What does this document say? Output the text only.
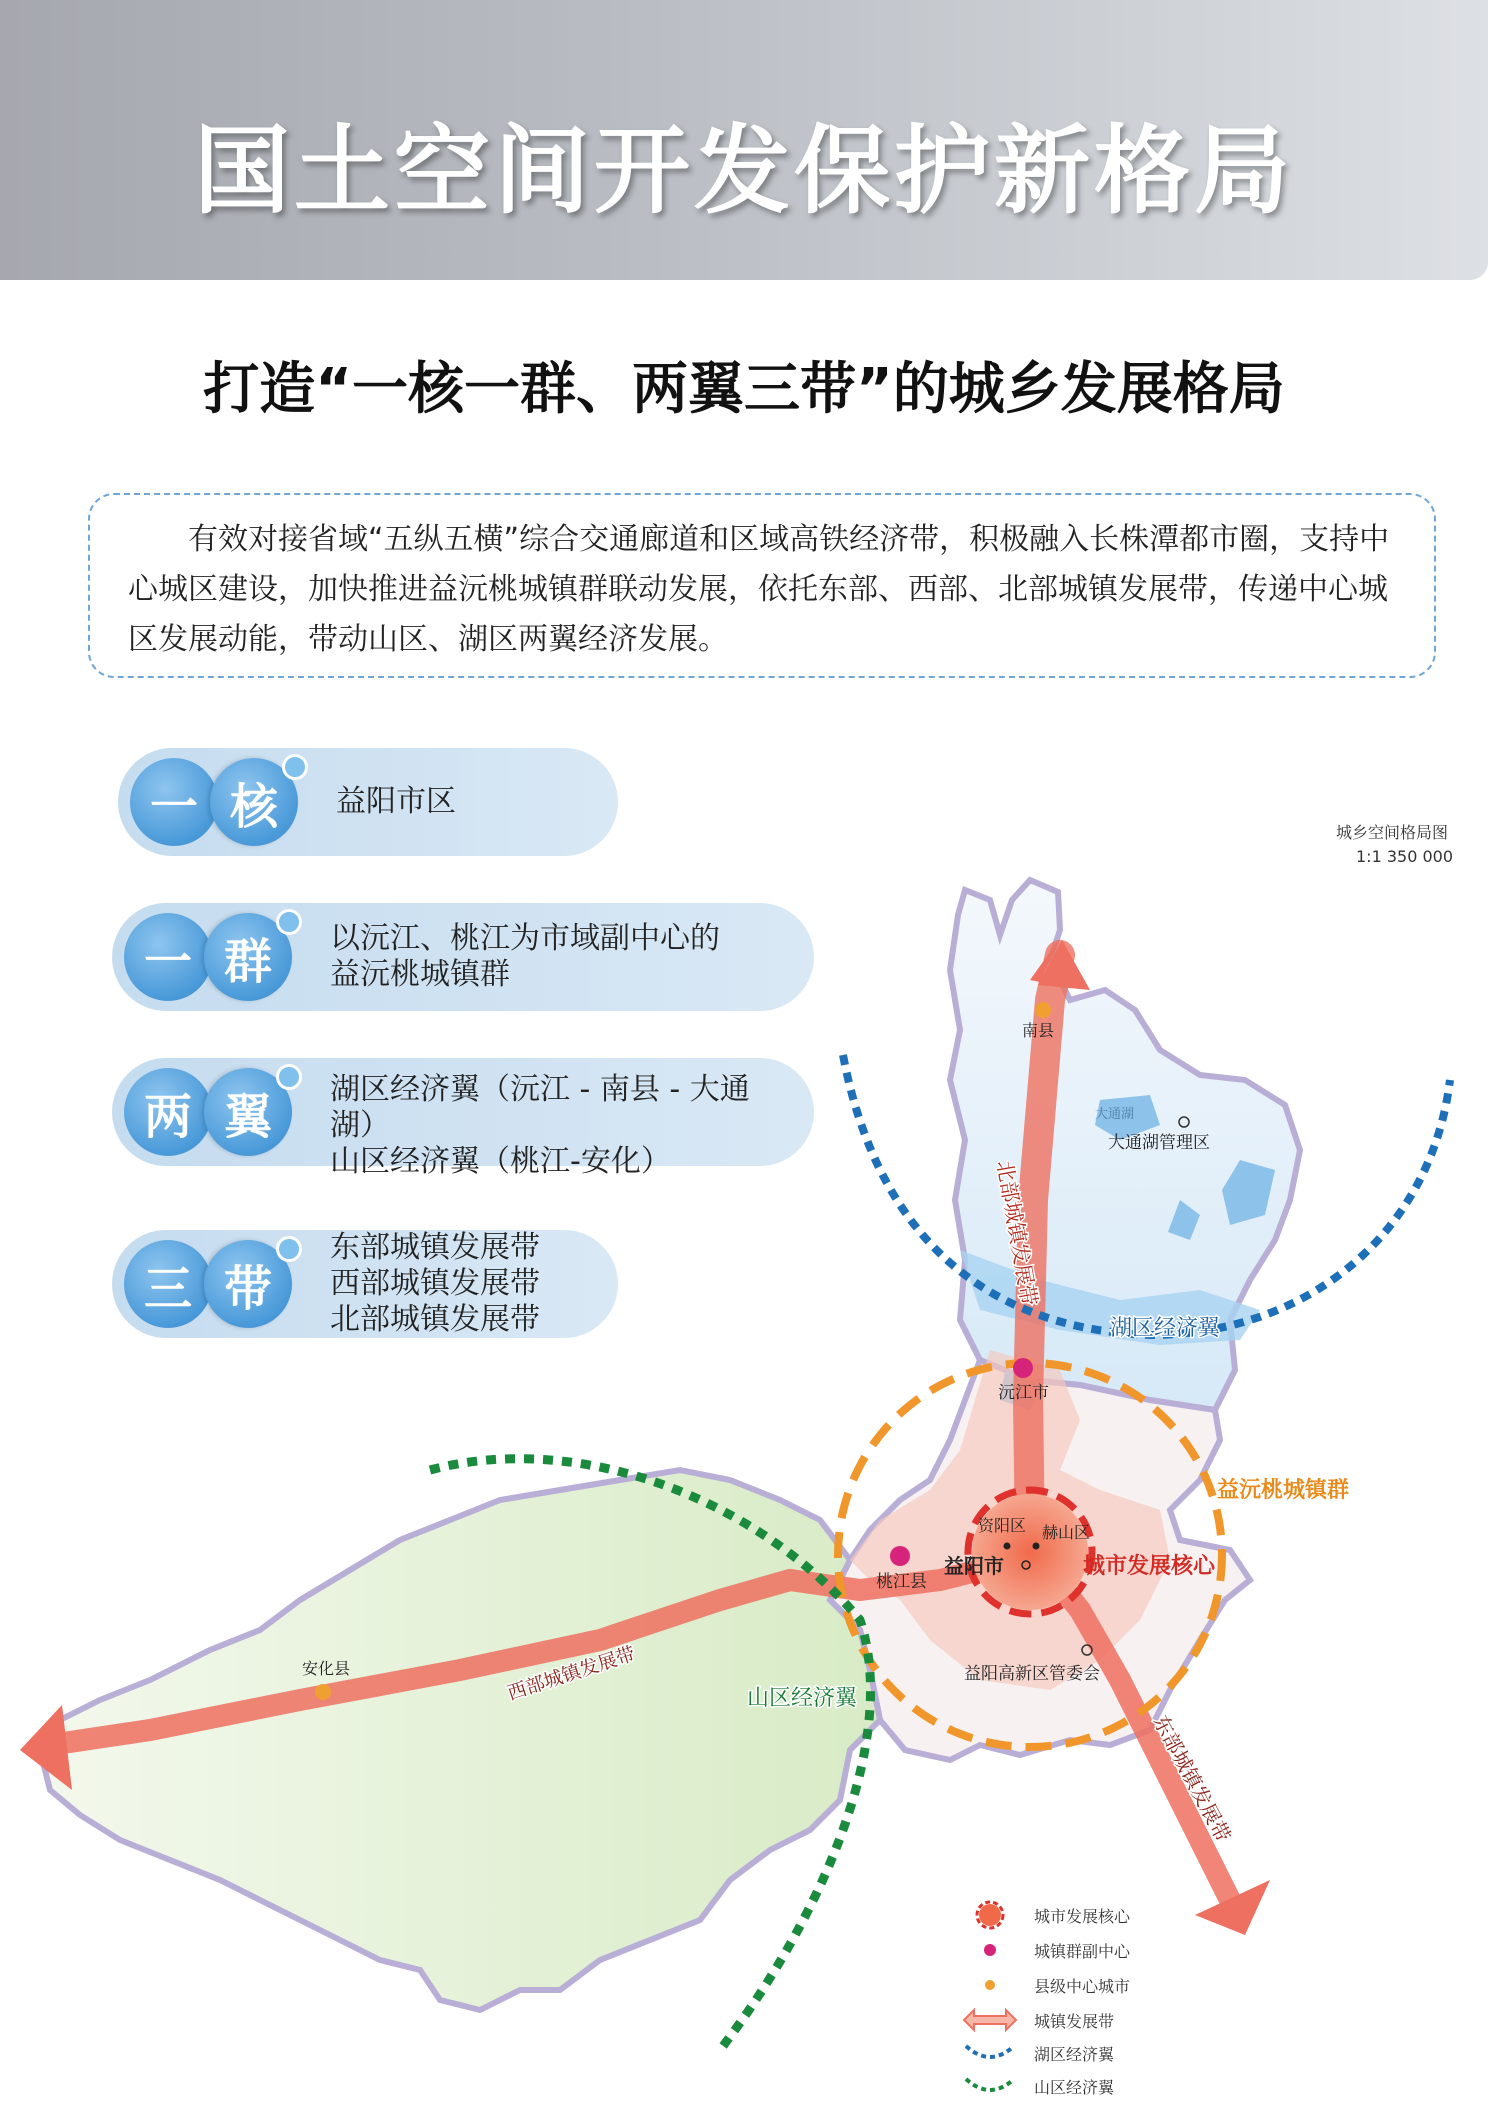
国土空间开发保护新格局
打造“一核一群、两翼三带”的城乡发展格局
有效对接省域“五纵五横”综合交通廊道和区域高铁经济带，积极融入长株潭都市圈，支持中心城区建设，加快推进益沅桃城镇群联动发展，依托东部、西部、北部城镇发展带，传递中心城区发展动能，带动山区、湖区两翼经济发展。
一 核	益阳市区
一 群	以沅江、桃江为市域副中心的
益沅桃城镇群
两 翼	湖区经济翼（沅江 - 南县 - 大通
湖）
山区经济翼（桃江-安化）
三 带
东部城镇发展带
西部城镇发展带
北部城镇发展带
城乡空间格局图
1:1 350 000
南县
大通湖
大通湖管理区
沅江市
资阳区 赫山区
益阳市
桃江县
安化县	益阳高新区管委会
北部城镇发展带
西部城镇发展带
东部城镇发展带
湖区经济翼
山区经济翼
益沅桃城镇群
城市发展核心
城市发展核心
城镇群副中心
县级中心城市
城镇发展带
湖区经济翼
山区经济翼
